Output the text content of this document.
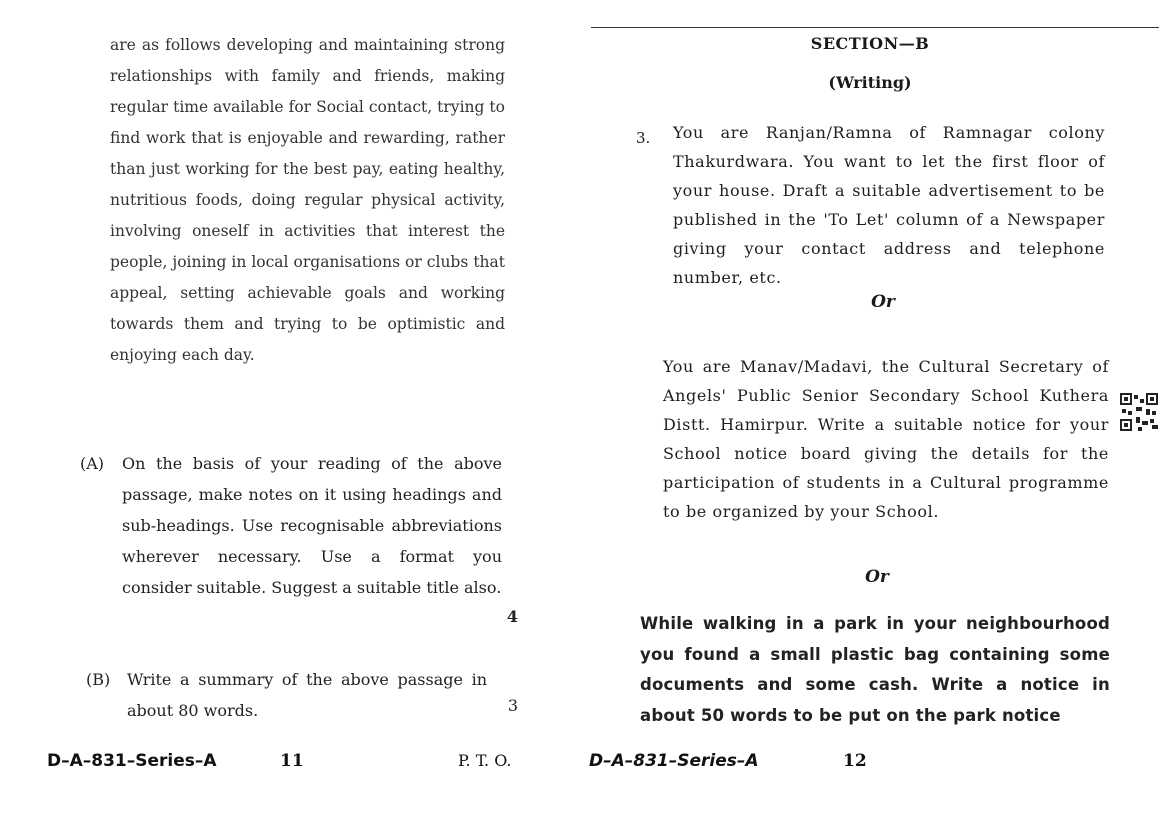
are as follows developing and maintaining strong relationships with family and friends, making regular time available for Social contact, trying to find work that is enjoyable and rewarding, rather than just working for the best pay, eating healthy, nutritious foods, doing regular physical activity, involving oneself in activities that interest the people, joining in local organisations or clubs that appeal, setting achievable goals and working towards them and trying to be optimistic and enjoying each day.
(A) On the basis of your reading of the above passage, make notes on it using headings and sub-headings. Use recognisable abbreviations wherever necessary. Use a format you consider suitable. Suggest a suitable title also.
4
(B) Write a summary of the above passage in about 80 words.	3
D–A–831–Series–A	11	P. T. O.
SECTION—B
(Writing)
3. You are Ranjan/Ramna of Ramnagar colony Thakurdwara. You want to let the first floor of your house. Draft a suitable advertisement to be published in the 'To Let' column of a Newspaper giving your contact address and telephone number, etc.
Or
You are Manav/Madavi, the Cultural Secretary of Angels' Public Senior Secondary School Kuthera Distt. Hamirpur. Write a suitable notice for your School notice board giving the details for the participation of students in a Cultural programme to be organized by your School.
Or
While walking in a park in your neighbourhood you found a small plastic bag containing some documents and some cash. Write a notice in about 50 words to be put on the park notice
D–A–831–Series–A	12
